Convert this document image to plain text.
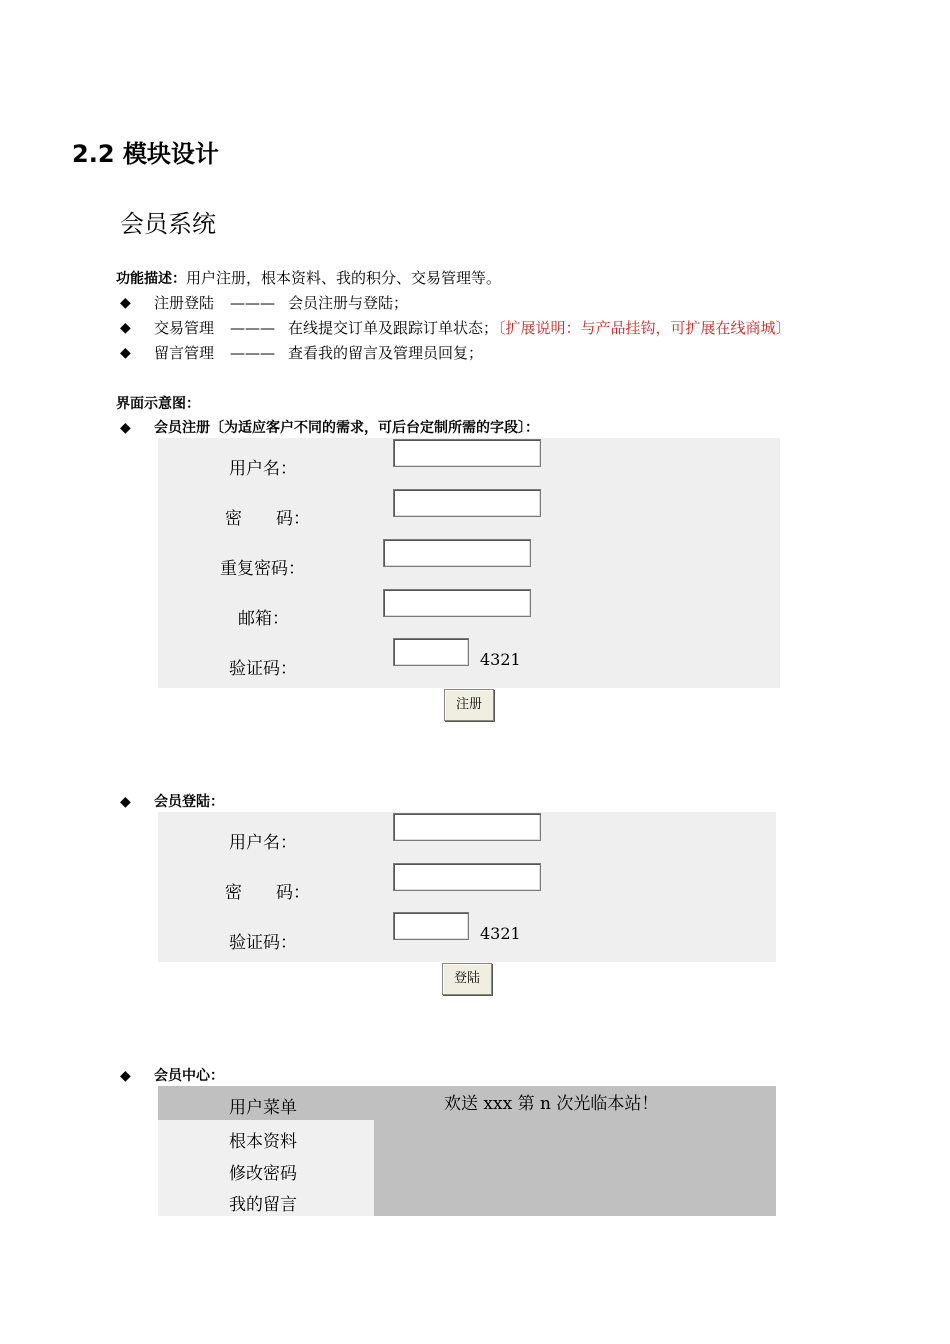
2.2 模块设计
会员系统
功能描述：用户注册，根本资料、我的积分、交易管理等。
◆ 注册登陆 ——— 会员注册与登陆；
◆ 交易管理 ——— 在线提交订单及跟踪订单状态；〔扩展说明：与产品挂钩，可扩展在线商城〕
◆ 留言管理 ——— 查看我的留言及管理员回复；
界面示意图：
◆ 会员注册〔为适应客户不同的需求，可后台定制所需的字段〕：
用户名：
密　　码：
重复密码：
邮箱：
验证码：	4321
注册
◆ 会员登陆：
用户名：
密　　码：
验证码：	4321
登陆
◆ 会员中心：
用户菜单
根本资料
修改密码
我的留言
欢送 xxx 第 n 次光临本站！
